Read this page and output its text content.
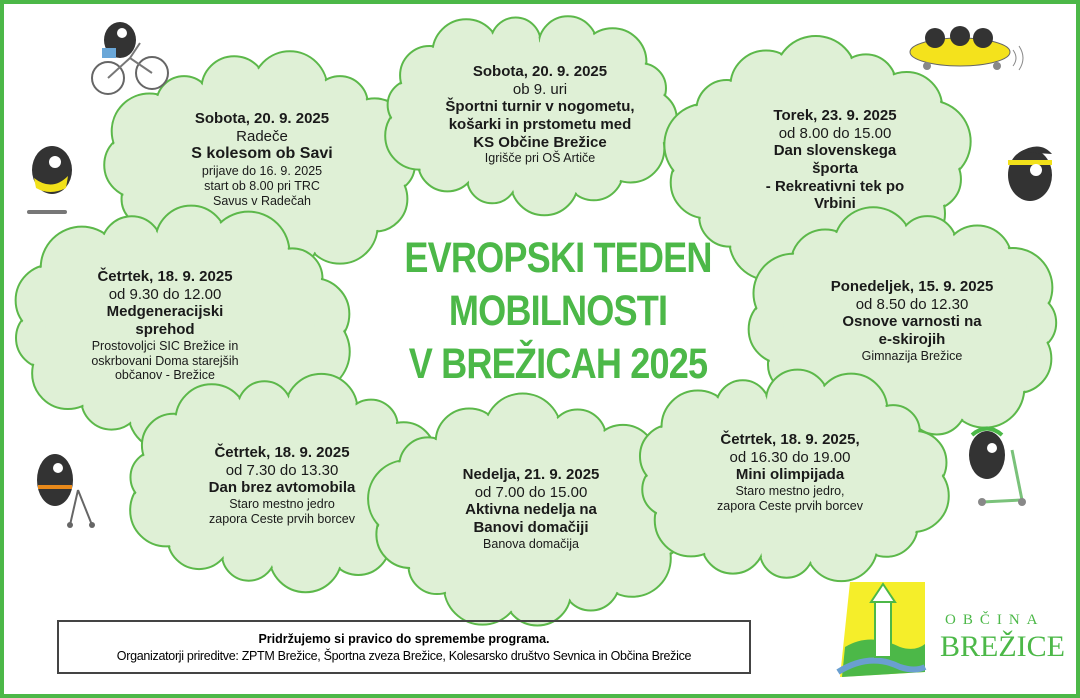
Sobota, 20. 9. 2025
Radeče
S kolesom ob Savi
prijave do 16. 9. 2025
start ob 8.00 pri TRC
Savus v Radečah
Sobota, 20. 9. 2025
ob 9. uri
Športni turnir v nogometu,
košarki in prstometu med
KS Občine Brežice
Igrišče pri OŠ Artiče
Torek, 23. 9. 2025
od 8.00 do 15.00
Dan slovenskega
športa
- Rekreativni tek po
Vrbini
Četrtek, 18. 9. 2025
od 9.30 do 12.00
Medgeneracijski
sprehod
Prostovoljci SIC Brežice in
oskrbovani Doma starejših
občanov - Brežice
Ponedeljek, 15. 9. 2025
od 8.50 do 12.30
Osnove varnosti na
e-skirojih
Gimnazija Brežice
Četrtek, 18. 9. 2025
od 7.30 do 13.30
Dan brez avtomobila
Staro mestno jedro
zapora Ceste prvih borcev
Nedelja, 21. 9. 2025
od 7.00 do 15.00
Aktivna nedelja na
Banovi domačiji
Banova domačija
Četrtek, 18. 9. 2025,
od 16.30 do 19.00
Mini olimpijada
Staro mestno jedro,
zapora Ceste prvih borcev
EVROPSKI TEDEN
MOBILNOSTI
V BREŽICAH 2025
Pridržujemo si pravico do spremembe programa.
Organizatorji prireditve: ZPTM Brežice, Športna zveza Brežice, Kolesarsko društvo Sevnica in Občina Brežice
OBČINA
BREŽICE
